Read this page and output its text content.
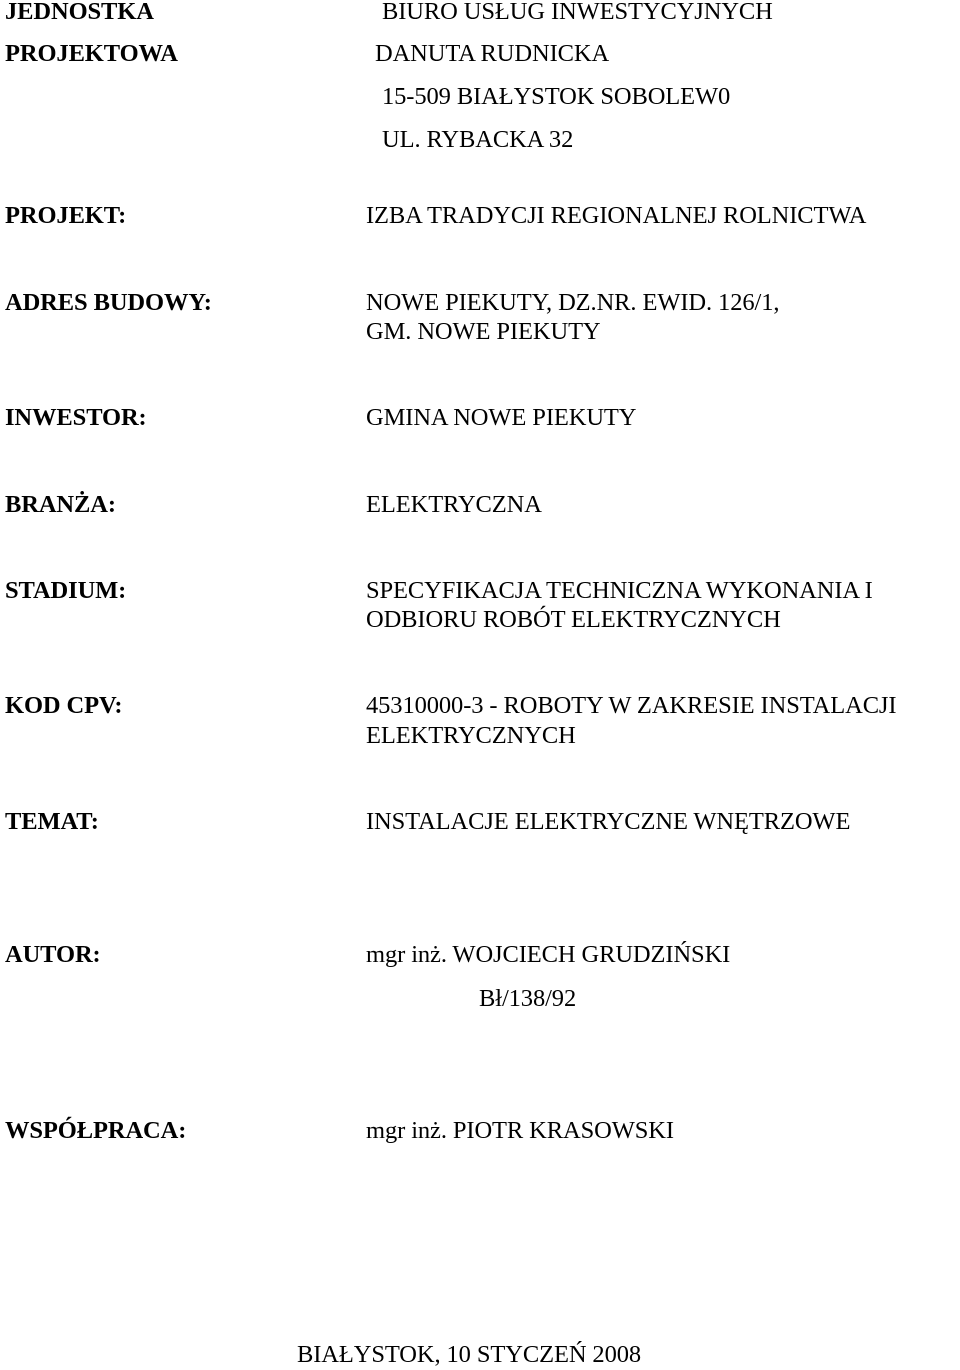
JEDNOSTKA
PROJEKTOWA
BIURO USŁUG INWESTYCYJNYCH
DANUTA RUDNICKA
15-509 BIAŁYSTOK SOBOLEW0
UL. RYBACKA 32
PROJEKT:	IZBA TRADYCJI REGIONALNEJ ROLNICTWA
ADRES BUDOWY:	NOWE PIEKUTY, DZ.NR. EWID. 126/1,
GM. NOWE PIEKUTY
INWESTOR:	GMINA NOWE PIEKUTY
BRANŻA:	ELEKTRYCZNA
STADIUM:	SPECYFIKACJA TECHNICZNA WYKONANIA I
ODBIORU ROBÓT ELEKTRYCZNYCH
KOD CPV:	45310000-3 - ROBOTY W ZAKRESIE INSTALACJI
ELEKTRYCZNYCH
TEMAT:	INSTALACJE ELEKTRYCZNE WNĘTRZOWE
AUTOR:	mgr inż. WOJCIECH GRUDZIŃSKI
Bł/138/92
WSPÓŁPRACA:	mgr inż. PIOTR KRASOWSKI
BIAŁYSTOK, 10 STYCZEŃ 2008
